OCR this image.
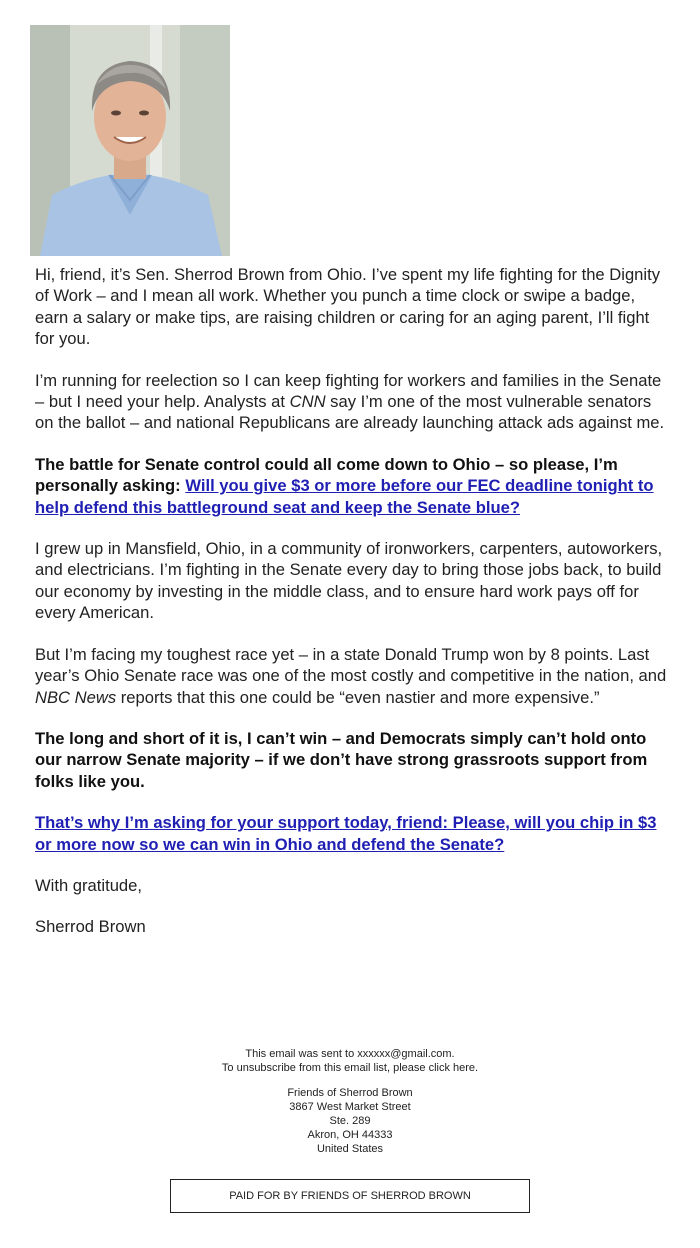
Hi, friend, it’s Sen. Sherrod Brown from Ohio. I’ve spent my life fighting for the Dignity of Work – and I mean all work. Whether you punch a time clock or swipe a badge, earn a salary or make tips, are raising children or caring for an aging parent, I’ll fight for you.

I’m running for reelection so I can keep fighting for workers and families in the Senate – but I need your help. Analysts at CNN say I’m one of the most vulnerable senators on the ballot – and national Republicans are already launching attack ads against me.

The battle for Senate control could all come down to Ohio – so please, I’m personally asking: Will you give $3 or more before our FEC deadline tonight to help defend this battleground seat and keep the Senate blue?

I grew up in Mansfield, Ohio, in a community of ironworkers, carpenters, autoworkers, and electricians. I’m fighting in the Senate every day to bring those jobs back, to build our economy by investing in the middle class, and to ensure hard work pays off for every American.

But I’m facing my toughest race yet – in a state Donald Trump won by 8 points. Last year’s Ohio Senate race was one of the most costly and competitive in the nation, and NBC News reports that this one could be “even nastier and more expensive.”

The long and short of it is, I can’t win – and Democrats simply can’t hold onto our narrow Senate majority – if we don’t have strong grassroots support from folks like you.

That’s why I’m asking for your support today, friend: Please, will you chip in $3 or more now so we can win in Ohio and defend the Senate?

With gratitude,

Sherrod Brown

This email was sent to xxxxxx@gmail.com.
To unsubscribe from this email list, please click here.
Friends of Sherrod Brown
3867 West Market Street
Ste. 289
Akron, OH 44333
United States
PAID FOR BY FRIENDS OF SHERROD BROWN
